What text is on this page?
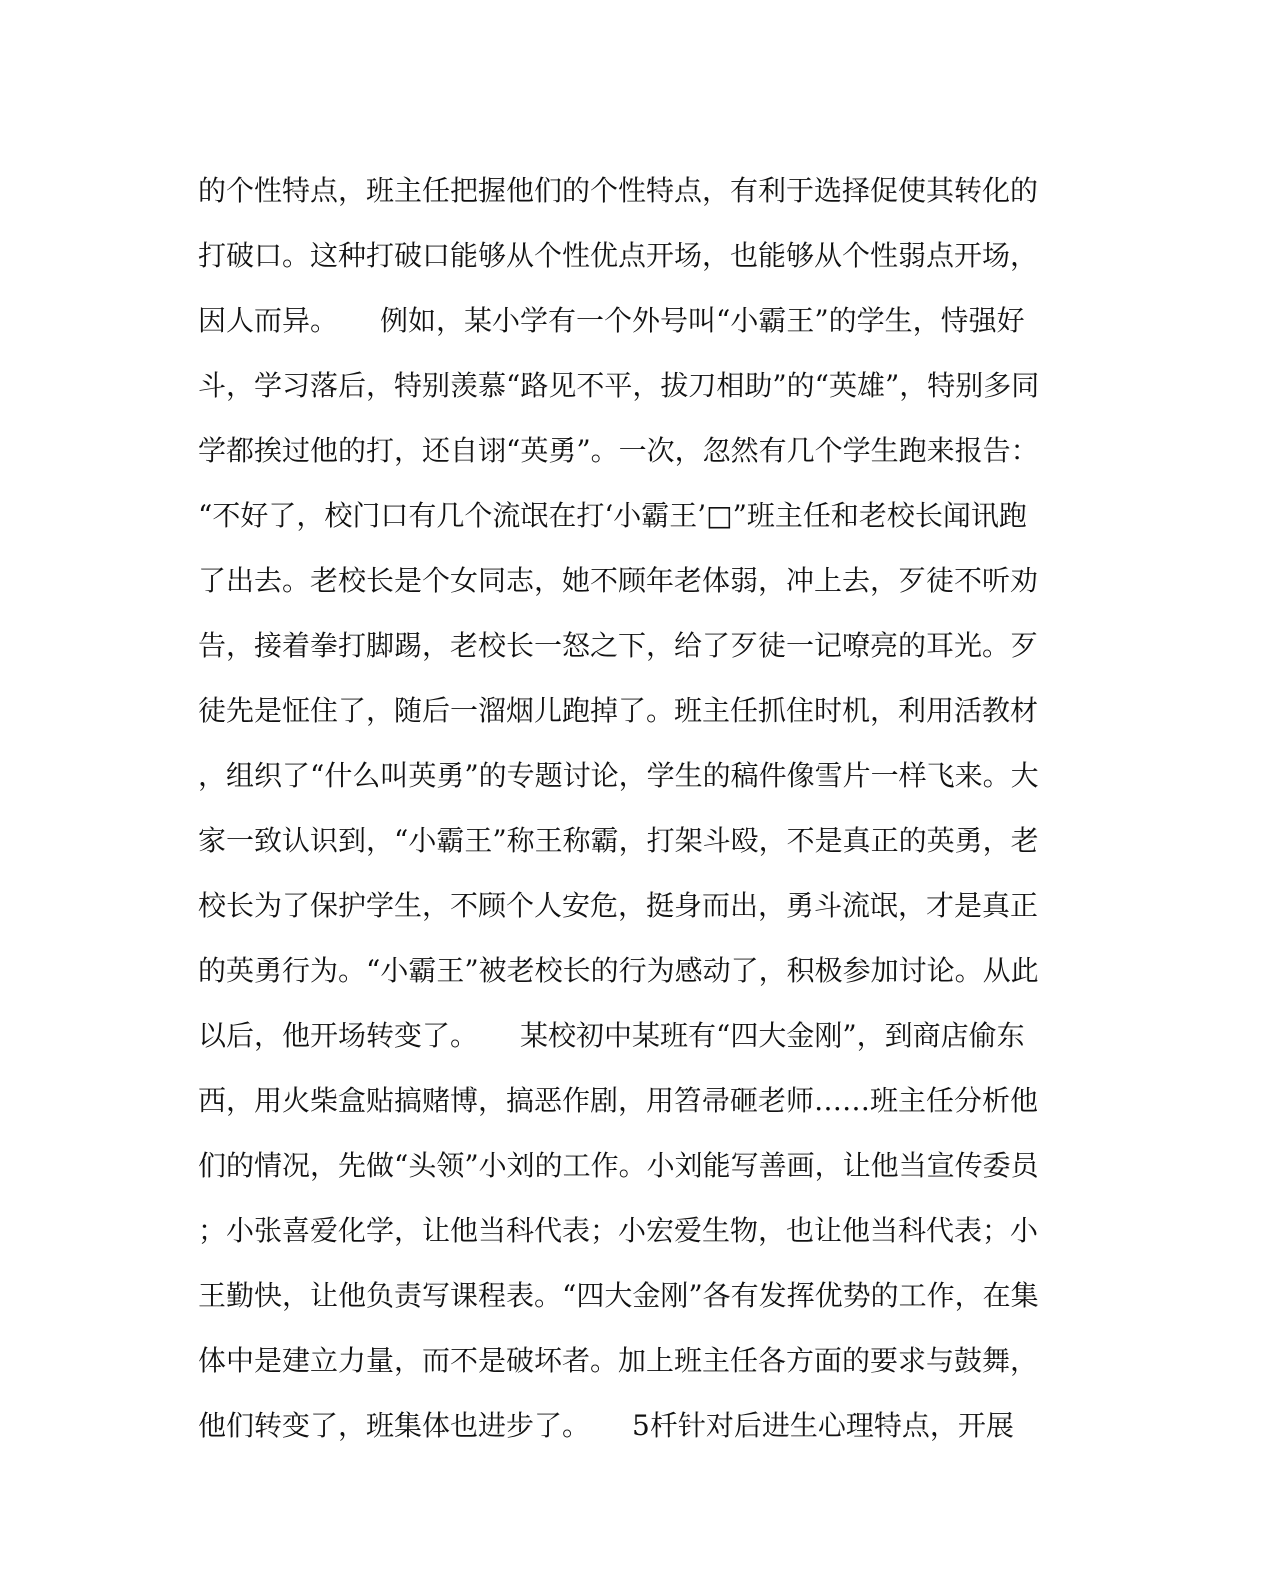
的个性特点，班主任把握他们的个性特点，有利于选择促使其转化的
打破口。这种打破口能够从个性优点开场，也能够从个性弱点开场，
因人而异。　　例如，某小学有一个外号叫“小霸王”的学生，恃强好
斗，学习落后，特别羡慕“路见不平，拔刀相助”的“英雄”，特别多同
学都挨过他的打，还自诩“英勇”。一次，忽然有几个学生跑来报告：
“不好了，校门口有几个流氓在打‘小霸王’□”班主任和老校长闻讯跑
了出去。老校长是个女同志，她不顾年老体弱，冲上去，歹徒不听劝
告，接着拳打脚踢，老校长一怒之下，给了歹徒一记嘹亮的耳光。歹
徒先是怔住了，随后一溜烟儿跑掉了。班主任抓住时机，利用活教材
，组织了“什么叫英勇”的专题讨论，学生的稿件像雪片一样飞来。大
家一致认识到，“小霸王”称王称霸，打架斗殴，不是真正的英勇，老
校长为了保护学生，不顾个人安危，挺身而出，勇斗流氓，才是真正
的英勇行为。“小霸王”被老校长的行为感动了，积极参加讨论。从此
以后，他开场转变了。　　某校初中某班有“四大金刚”，到商店偷东
西，用火柴盒贴搞赌博，搞恶作剧，用笤帚砸老师……班主任分析他
们的情况，先做“头领”小刘的工作。小刘能写善画，让他当宣传委员
；小张喜爱化学，让他当科代表；小宏爱生物，也让他当科代表；小
王勤快，让他负责写课程表。“四大金刚”各有发挥优势的工作，在集
体中是建立力量，而不是破坏者。加上班主任各方面的要求与鼓舞，
他们转变了，班集体也进步了。　　5杄针对后进生心理特点，开展
